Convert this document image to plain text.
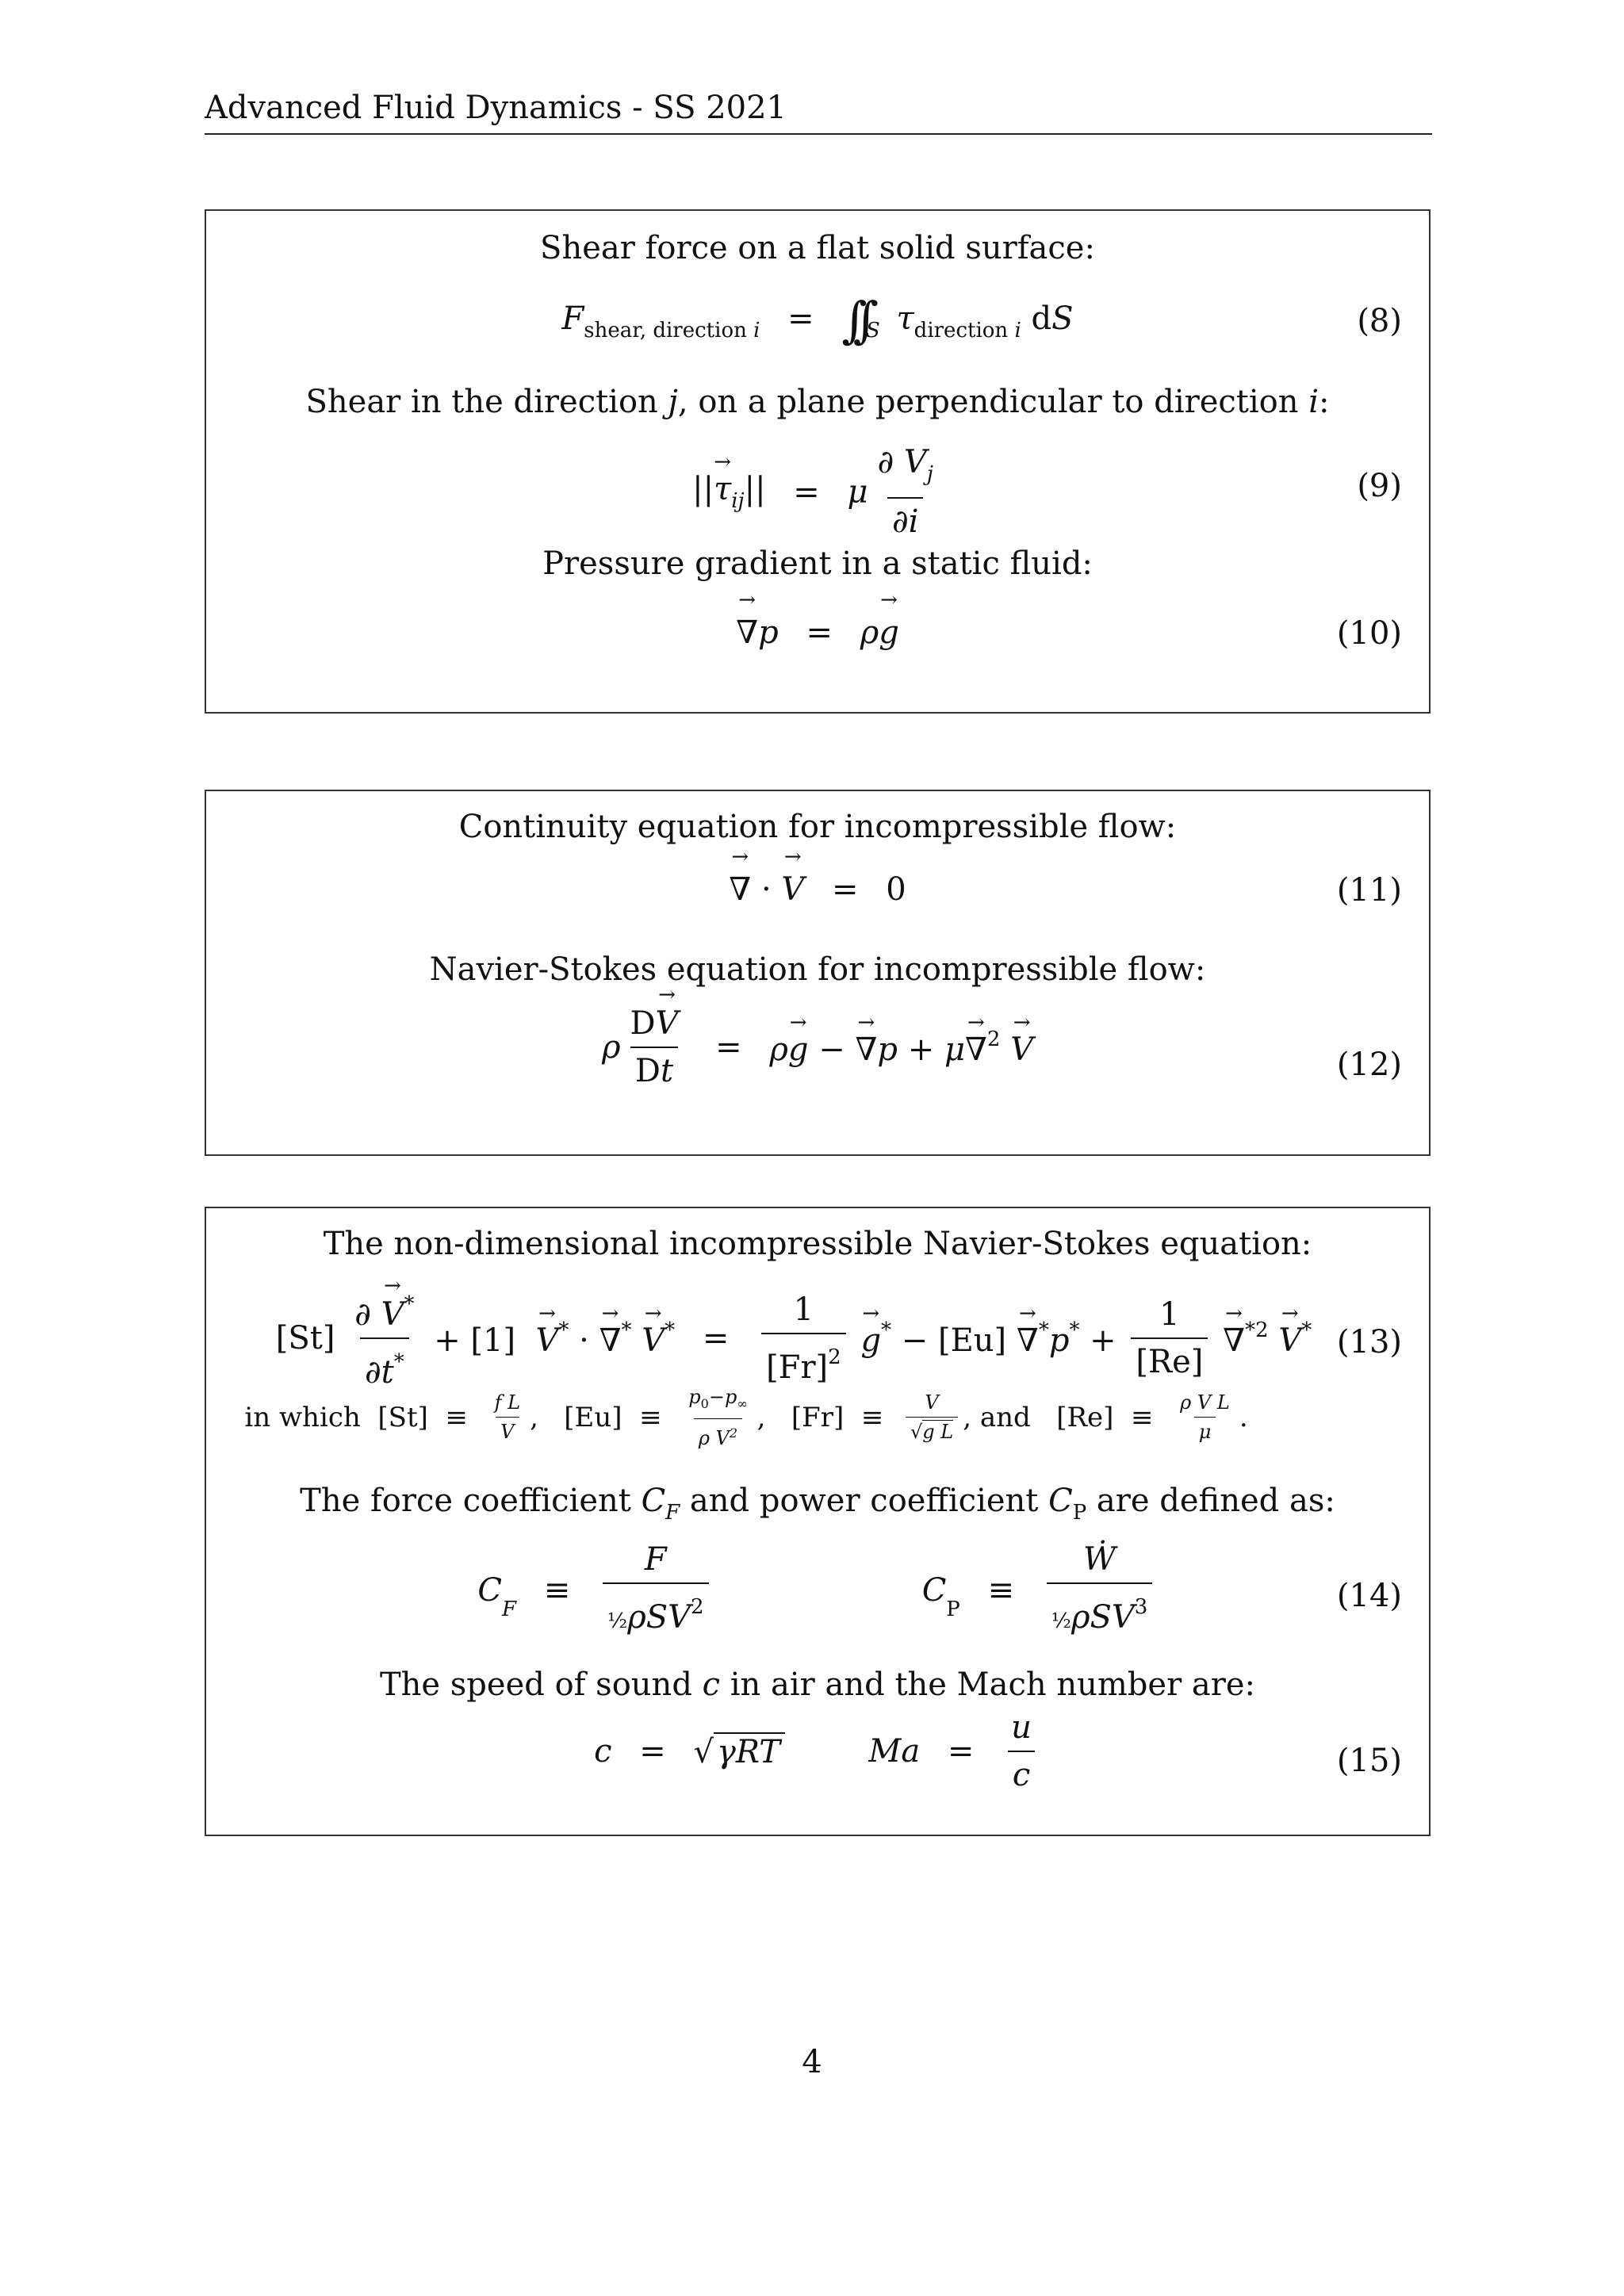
Advanced Fluid Dynamics - SS 2021
Shear force on a flat solid surface:
$F_{shear, direction}$ $_i = \int\int_S$ $\tau_{direction}$ $_i$ dS	(8)
Shear in the direction j, on a plane perpendicular to direction i:
||→ $\tau_{ij}|| = \mu \frac{\partial V_j}{\partial i}$	(9)
Pressure gradient in a static fluid:
→ ∇p = ρ→ g	(10)
Continuity equation for incompressible flow:
→ ∇ · → V = 0	(11)
Navier-Stokes equation for incompressible flow:
ρ $\frac{D\to V}{Dt} = \rho\to g$ − → ∇p + μ→ ∇$^2$ → V	(12)
The non-dimensional incompressible Navier-Stokes equation:
$[St] \frac{\partial \to V^*}{\partial t^*} + [1] \to V^*$ · → $\nabla^* \to V^* = \frac{1}{[Fr]^2}$
→ $g^* - [Eu] \to \nabla^*p^* + \frac{1}{[Re]}$
→ ∇$^{*2}$ → V* (13)
in which  $[St] \equiv \frac{\text{f L}}{V}$ ,   $[Eu] \equiv \frac{p_0-p_\infty}{\rho V^2}$ ,   $[Fr] \equiv \frac{V}{\text{√g L}}$ , and   $[Re] \equiv \frac{\text{ρ V L}}{\mu}$ .
The force coefficient $C_F$ and power coefficient $C_P$ are defined as:
$C_F \equiv \frac{F}{\frac{1}{2}\rho SV^2}$	$C_P \equiv \frac{\text{Ẇ}}{\frac{1}{2}\rho SV^3}$	(14)
The speed of sound c in air and the Mach number are:
c = √ γRT	$Ma = \frac{u}{c}$	(15)
4
